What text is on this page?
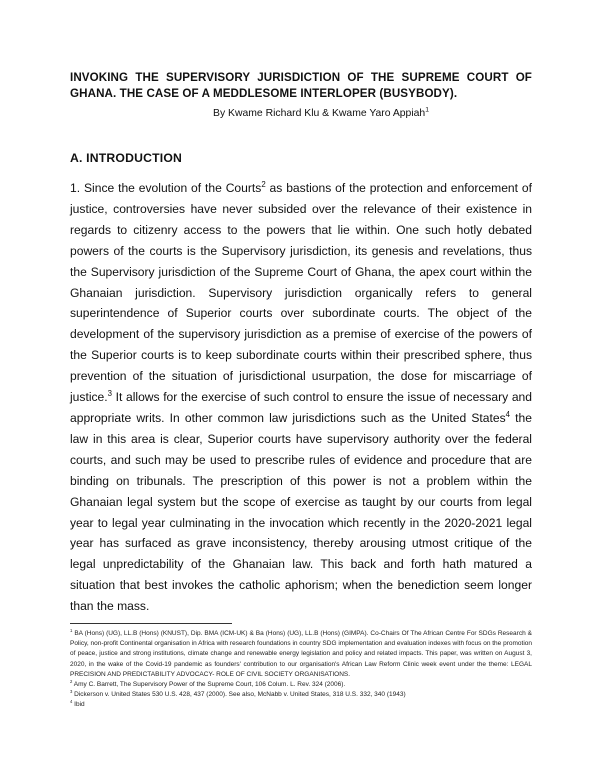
INVOKING THE SUPERVISORY JURISDICTION OF THE SUPREME COURT OF GHANA. THE CASE OF A MEDDLESOME INTERLOPER (BUSYBODY).
By Kwame Richard Klu & Kwame Yaro Appiah$^1$
A. INTRODUCTION
1. Since the evolution of the Courts$^2$ as bastions of the protection and enforcement of justice, controversies have never subsided over the relevance of their existence in regards to citizenry access to the powers that lie within. One such hotly debated powers of the courts is the Supervisory jurisdiction, its genesis and revelations, thus the Supervisory jurisdiction of the Supreme Court of Ghana, the apex court within the Ghanaian jurisdiction. Supervisory jurisdiction organically refers to general superintendence of Superior courts over subordinate courts. The object of the development of the supervisory jurisdiction as a premise of exercise of the powers of the Superior courts is to keep subordinate courts within their prescribed sphere, thus prevention of the situation of jurisdictional usurpation, the dose for miscarriage of justice.$^3$ It allows for the exercise of such control to ensure the issue of necessary and appropriate writs. In other common law jurisdictions such as the United States$^4$ the law in this area is clear, Superior courts have supervisory authority over the federal courts, and such may be used to prescribe rules of evidence and procedure that are binding on tribunals. The prescription of this power is not a problem within the Ghanaian legal system but the scope of exercise as taught by our courts from legal year to legal year culminating in the invocation which recently in the 2020-2021 legal year has surfaced as grave inconsistency, thereby arousing utmost critique of the legal unpredictability of the Ghanaian law. This back and forth hath matured a situation that best invokes the catholic aphorism; when the benediction seem longer than the mass.
$^1$ BA (Hons) (UG), LL.B (Hons) (KNUST), Dip. BMA (ICM-UK) & Ba (Hons) (UG), LL.B (Hons) (GIMPA). Co-Chairs Of The African Centre For SDGs Research & Policy, non-profit Continental organisation in Africa with research foundations in country SDG implementation and evaluation indexes with focus on the promotion of peace, justice and strong institutions, climate change and renewable energy legislation and policy and related impacts. This paper, was written on August 3, 2020, in the wake of the Covid-19 pandemic as founders' contribution to our organisation's African Law Reform Clinic week event under the theme: LEGAL PRECISION AND PREDICTABILITY ADVOCACY- ROLE OF CIVIL SOCIETY ORGANISATIONS.
$^2$ Amy C. Barrett, The Supervisory Power of the Supreme Court, 106 Colum. L. Rev. 324 (2006).
$^3$ Dickerson v. United States 530 U.S. 428, 437 (2000). See also, McNabb v. United States, 318 U.S. 332, 340 (1943)
$^4$ Ibid
